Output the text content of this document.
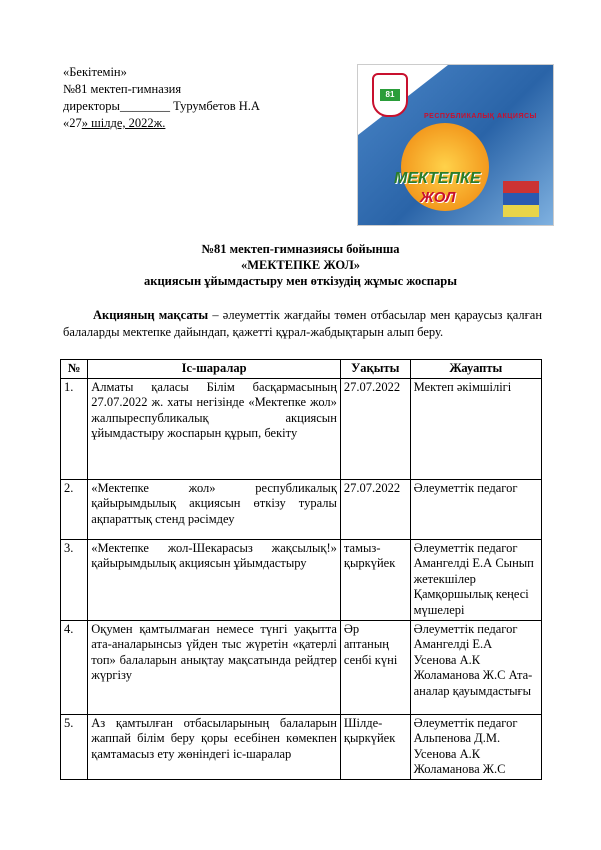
«Бекітемін»
№81 мектеп-гимназия
директоры________ Турумбетов Н.А
«27» шілде, 2022ж.
81
РЕСПУБЛИКАЛЫҚ АКЦИЯСЫ
МЕКТЕПКЕ
ЖОЛ
№81 мектеп-гимназиясы бойынша
«МЕКТЕПКЕ ЖОЛ»
акциясын ұйымдастыру мен өткізудің жұмыс жоспары
Акцияның мақсаты – әлеуметтік жағдайы төмен отбасылар мен қараусыз қалған балаларды мектепке дайындап, қажетті құрал-жабдықтарын алып беру.
№	Іс-шаралар	Уақыты	Жауапты
1.	Алматы қаласы Білім басқармасының 27.07.2022 ж. хаты негізінде «Мектепке жол» жалпыреспубликалық акциясын ұйымдастыру жоспарын құрып, бекіту	27.07.2022	Мектеп әкімшілігі
2.	«Мектепке жол» республикалық қайырымдылық акциясын өткізу туралы ақпараттық стенд рәсімдеу	27.07.2022	Әлеуметтік педагог
3.	«Мектепке жол-Шекарасыз жақсылық!» қайырымдылық акциясын ұйымдастыру	тамыз-қыркүйек	Әлеуметтік педагог Амангелді Е.А Сынып жетекшілер Қамқоршылық кеңесі мүшелері
4.	Оқумен қамтылмаған немесе түнгі уақытта ата-аналарынсыз үйден тыс жүретін «қатерлі топ» балаларын анықтау мақсатында рейдтер жүргізу	Әр аптаның сенбі күні	Әлеуметтік педагог Амангелді Е.А Усенова А.К Жоламанова Ж.С Ата-аналар қауымдастығы
5.	Аз қамтылған отбасыларының балаларын жаппай білім беру қоры есебінен көмекпен қамтамасыз ету жөніндегі іс-шаралар	Шілде-қыркүйек	Әлеуметтік педагог Альпенова Д.М. Усенова А.К Жоламанова Ж.С
